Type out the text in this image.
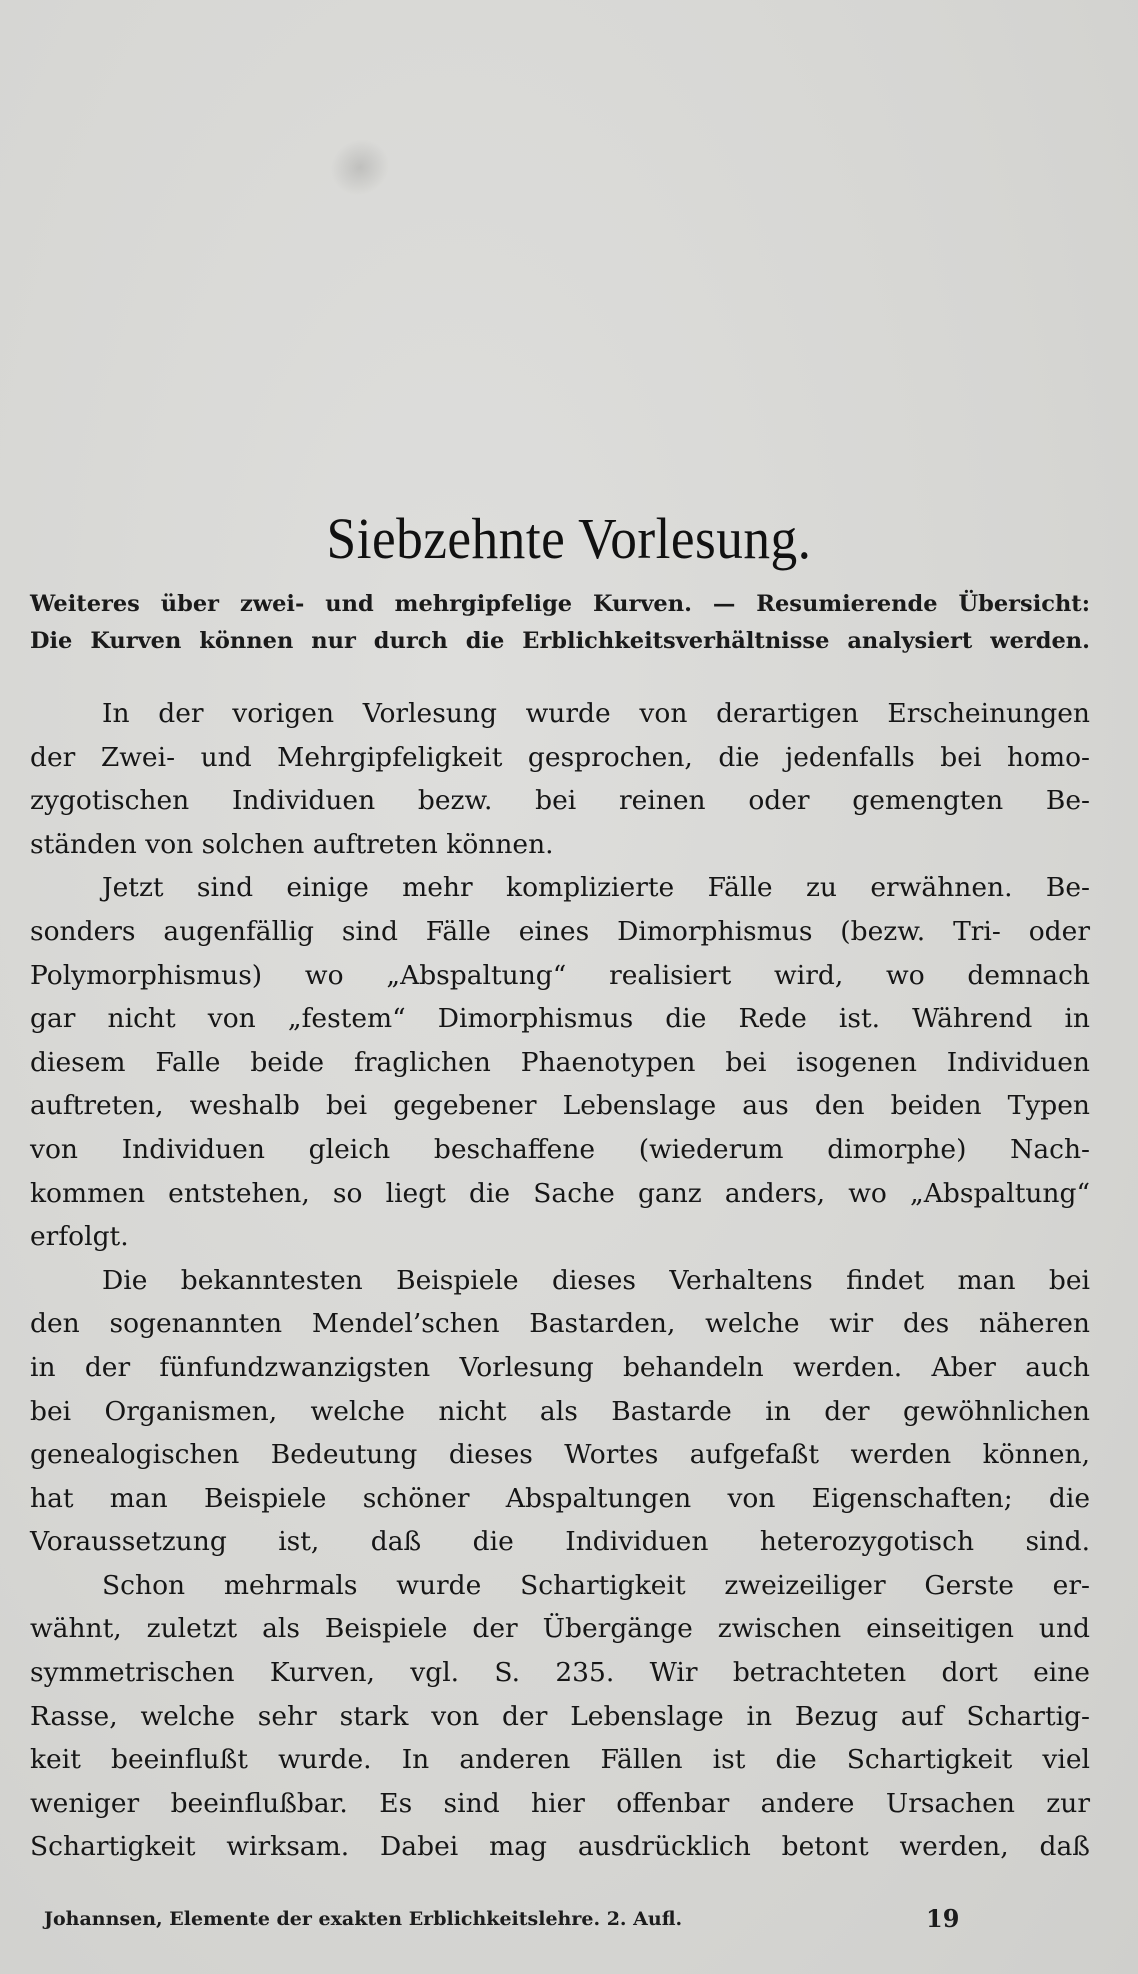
Siebzehnte Vorlesung.
Weiteres über zwei- und mehrgipfelige Kurven. — Resumierende Übersicht:
Die Kurven können nur durch die Erblichkeitsverhältnisse analysiert werden.
In der vorigen Vorlesung wurde von derartigen Erscheinungen
der Zwei- und Mehrgipfeligkeit gesprochen, die jedenfalls bei homo-
zygotischen Individuen bezw. bei reinen oder gemengten Be-
ständen von solchen auftreten können.
Jetzt sind einige mehr komplizierte Fälle zu erwähnen. Be-
sonders augenfällig sind Fälle eines Dimorphismus (bezw. Tri- oder
Polymorphismus) wo „Abspaltung“ realisiert wird, wo demnach
gar nicht von „festem“ Dimorphismus die Rede ist. Während in
diesem Falle beide fraglichen Phaenotypen bei isogenen Individuen
auftreten, weshalb bei gegebener Lebenslage aus den beiden Typen
von Individuen gleich beschaffene (wiederum dimorphe) Nach-
kommen entstehen, so liegt die Sache ganz anders, wo „Abspaltung“
erfolgt.
Die bekanntesten Beispiele dieses Verhaltens findet man bei
den sogenannten Mendel’schen Bastarden, welche wir des näheren
in der fünfundzwanzigsten Vorlesung behandeln werden. Aber auch
bei Organismen, welche nicht als Bastarde in der gewöhnlichen
genealogischen Bedeutung dieses Wortes aufgefaßt werden können,
hat man Beispiele schöner Abspaltungen von Eigenschaften; die
Voraussetzung ist, daß die Individuen heterozygotisch sind.
Schon mehrmals wurde Schartigkeit zweizeiliger Gerste er-
wähnt, zuletzt als Beispiele der Übergänge zwischen einseitigen und
symmetrischen Kurven, vgl. S. 235. Wir betrachteten dort eine
Rasse, welche sehr stark von der Lebenslage in Bezug auf Schartig-
keit beeinflußt wurde. In anderen Fällen ist die Schartigkeit viel
weniger beeinflußbar. Es sind hier offenbar andere Ursachen zur
Schartigkeit wirksam. Dabei mag ausdrücklich betont werden, daß
Johannsen, Elemente der exakten Erblichkeitslehre. 2. Aufl.	19
